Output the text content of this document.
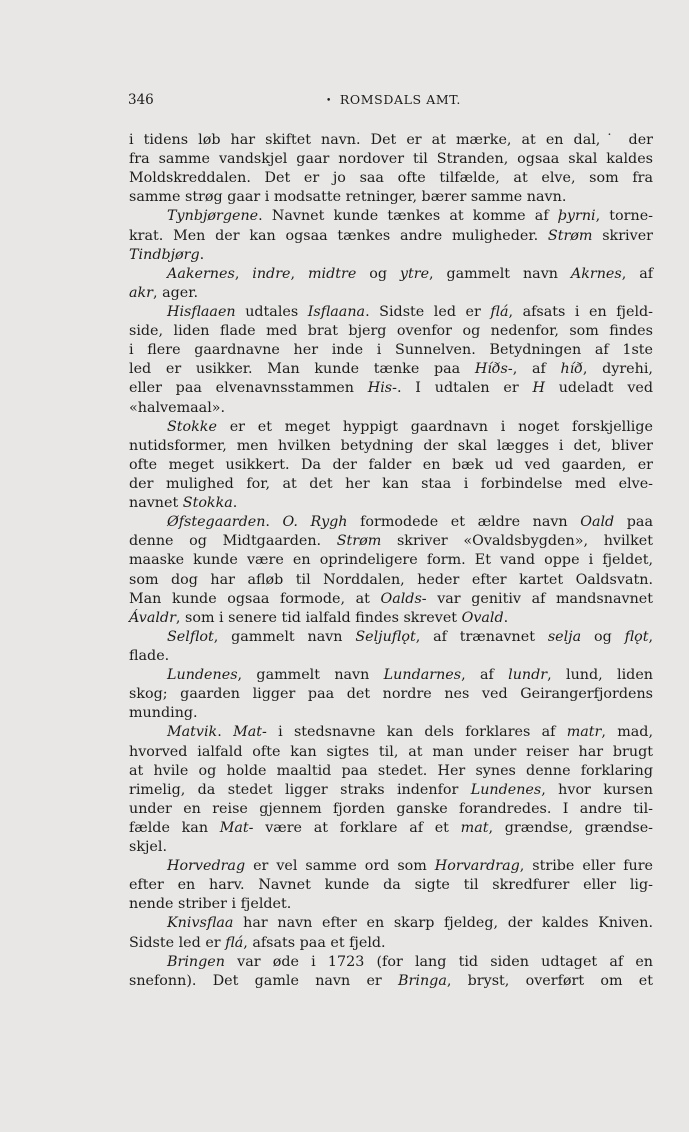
346
•	ROMSDALS AMT.
i tidens løb har skiftet navn. Det er at mærke, at en dal,˙ der
fra samme vandskjel gaar nordover til Stranden, ogsaa skal kaldes
Moldskreddalen. Det er jo saa ofte tilfælde, at elve, som fra
samme strøg gaar i modsatte retninger, bærer samme navn.
Tynbjørgene. Navnet kunde tænkes at komme af þyrni, torne-
krat. Men der kan ogsaa tænkes andre muligheder. Strøm skriver
Tindbjørg.
Aakernes, indre, midtre og ytre, gammelt navn Akrnes, af
akr, ager.
Hisflaaen udtales Isflaana. Sidste led er flá, afsats i en fjeld-
side, liden flade med brat bjerg ovenfor og nedenfor, som findes
i flere gaardnavne her inde i Sunnelven. Betydningen af 1ste
led er usikker. Man kunde tænke paa Híðs-, af híð, dyrehi,
eller paa elvenavnsstammen His-. I udtalen er H udeladt ved
«halvemaal».
Stokke er et meget hyppigt gaardnavn i noget forskjellige
nutidsformer, men hvilken betydning der skal lægges i det, bliver
ofte meget usikkert. Da der falder en bæk ud ved gaarden, er
der mulighed for, at det her kan staa i forbindelse med elve-
navnet Stokka.
Øfstegaarden. O. Rygh formodede et ældre navn Oald paa
denne og Midtgaarden. Strøm skriver «Ovaldsbygden», hvilket
maaske kunde være en oprindeligere form. Et vand oppe i fjeldet,
som dog har afløb til Norddalen, heder efter kartet Oaldsvatn.
Man kunde ogsaa formode, at Oalds- var genitiv af mandsnavnet
Ávaldr, som i senere tid ialfald findes skrevet Ovald.
Selflot, gammelt navn Seljuflǫt, af trænavnet selja og flǫt,
flade.
Lundenes, gammelt navn Lundarnes, af lundr, lund, liden
skog; gaarden ligger paa det nordre nes ved Geirangerfjordens
munding.
Matvik. Mat- i stedsnavne kan dels forklares af matr, mad,
hvorved ialfald ofte kan sigtes til, at man under reiser har brugt
at hvile og holde maaltid paa stedet. Her synes denne forklaring
rimelig, da stedet ligger straks indenfor Lundenes, hvor kursen
under en reise gjennem fjorden ganske forandredes. I andre til-
fælde kan Mat- være at forklare af et mat, grændse, grændse-
skjel.
Horvedrag er vel samme ord som Horvardrag, stribe eller fure
efter en harv. Navnet kunde da sigte til skredfurer eller lig-
nende striber i fjeldet.
Knivsflaa har navn efter en skarp fjeldeg, der kaldes Kniven.
Sidste led er flá, afsats paa et fjeld.
Bringen var øde i 1723 (for lang tid siden udtaget af en
snefonn). Det gamle navn er Bringa, bryst, overført om et
